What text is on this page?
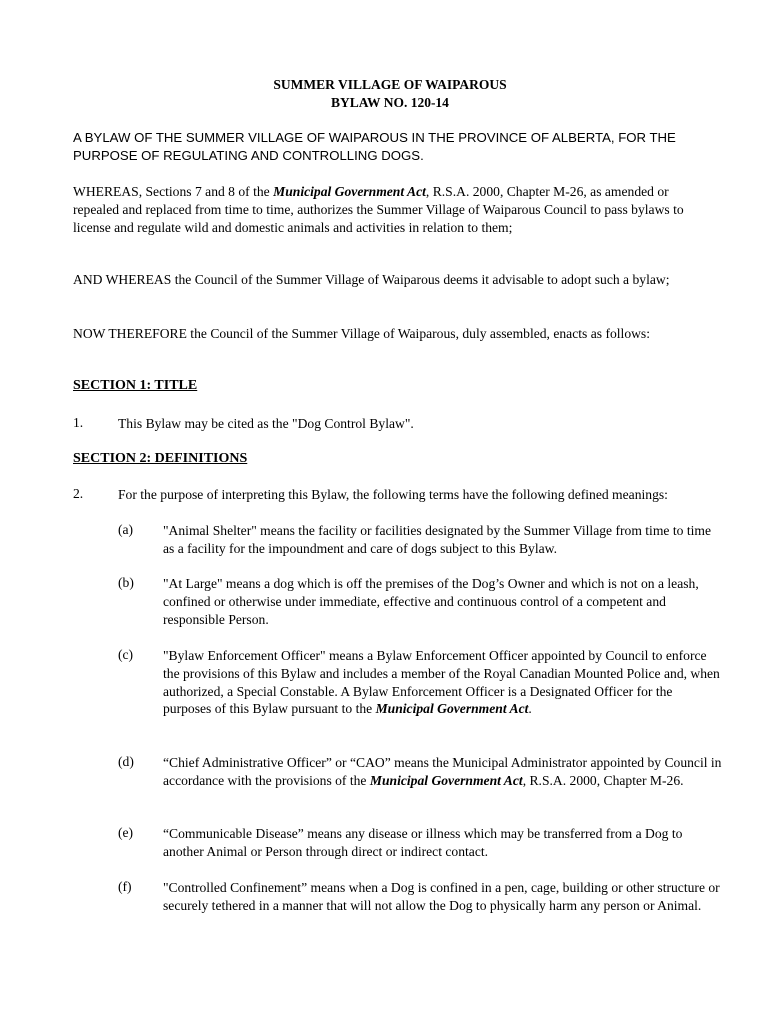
SUMMER VILLAGE OF WAIPAROUS
BYLAW NO. 120-14
A BYLAW OF THE SUMMER VILLAGE OF WAIPAROUS IN THE PROVINCE OF ALBERTA, FOR THE PURPOSE OF REGULATING AND CONTROLLING DOGS.
WHEREAS, Sections 7 and 8 of the Municipal Government Act, R.S.A. 2000, Chapter M-26, as amended or repealed and replaced from time to time, authorizes the Summer Village of Waiparous Council to pass bylaws to license and regulate wild and domestic animals and activities in relation to them;
AND WHEREAS the Council of the Summer Village of Waiparous deems it advisable to adopt such a bylaw;
NOW THEREFORE the Council of the Summer Village of Waiparous, duly assembled, enacts as follows:
SECTION 1: TITLE
1.	This Bylaw may be cited as the "Dog Control Bylaw".
SECTION 2: DEFINITIONS
2.	For the purpose of interpreting this Bylaw, the following terms have the following defined meanings:
(a) "Animal Shelter" means the facility or facilities designated by the Summer Village from time to time as a facility for the impoundment and care of dogs subject to this Bylaw.
(b) "At Large" means a dog which is off the premises of the Dog’s Owner and which is not on a leash, confined or otherwise under immediate, effective and continuous control of a competent and responsible Person.
(c) "Bylaw Enforcement Officer" means a Bylaw Enforcement Officer appointed by Council to enforce the provisions of this Bylaw and includes a member of the Royal Canadian Mounted Police and, when authorized, a Special Constable. A Bylaw Enforcement Officer is a Designated Officer for the purposes of this Bylaw pursuant to the Municipal Government Act.
(d) “Chief Administrative Officer” or “CAO” means the Municipal Administrator appointed by Council in accordance with the provisions of the Municipal Government Act, R.S.A. 2000, Chapter M-26.
(e) “Communicable Disease” means any disease or illness which may be transferred from a Dog to another Animal or Person through direct or indirect contact.
(f) "Controlled Confinement” means when a Dog is confined in a pen, cage, building or other structure or securely tethered in a manner that will not allow the Dog to physically harm any person or Animal.
